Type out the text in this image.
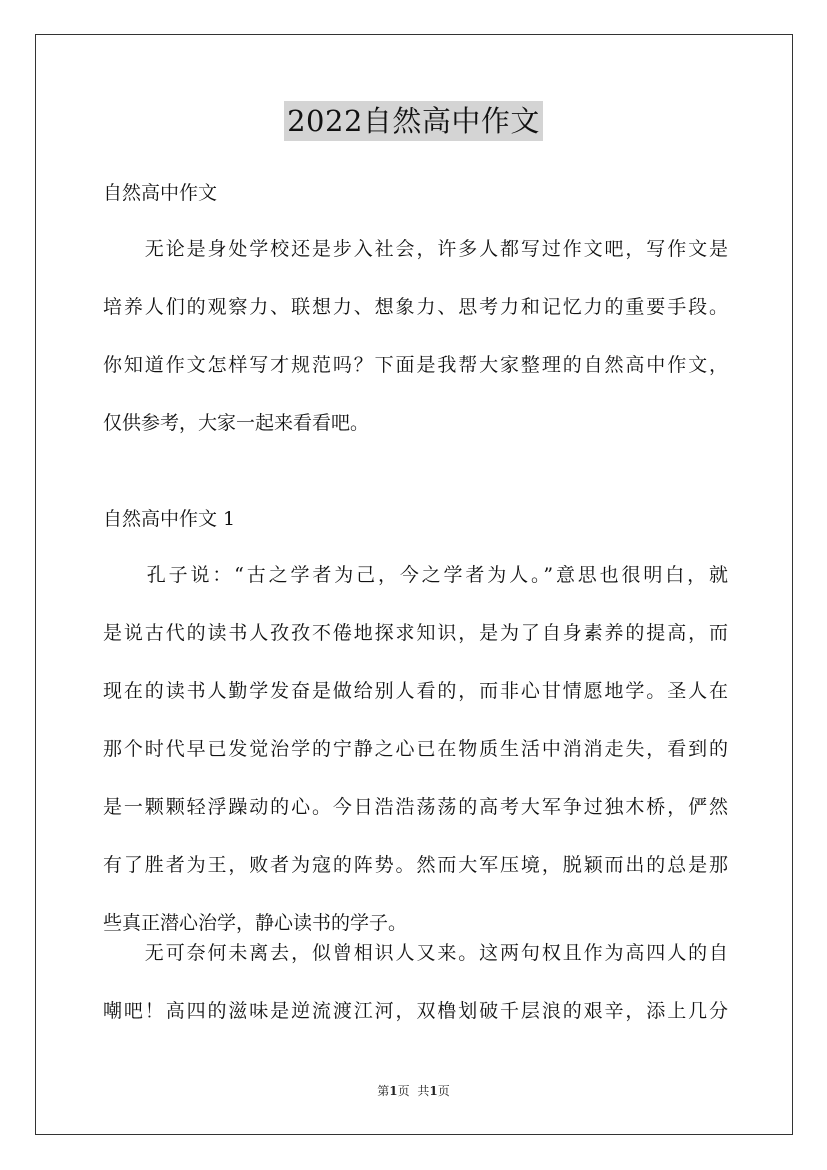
2022自然高中作文
自然高中作文
　　无论是身处学校还是步入社会，许多人都写过作文吧，写作文是
培养人们的观察力、联想力、想象力、思考力和记忆力的重要手段。
你知道作文怎样写才规范吗？下面是我帮大家整理的自然高中作文，
仅供参考，大家一起来看看吧。
自然高中作文 1
　　孔子说：“古之学者为己，今之学者为人。”意思也很明白，就
是说古代的读书人孜孜不倦地探求知识，是为了自身素养的提高，而
现在的读书人勤学发奋是做给别人看的，而非心甘情愿地学。圣人在
那个时代早已发觉治学的宁静之心已在物质生活中消消走失，看到的
是一颗颗轻浮躁动的心。今日浩浩荡荡的高考大军争过独木桥，俨然
有了胜者为王，败者为寇的阵势。然而大军压境，脱颖而出的总是那
些真正潜心治学，静心读书的学子。
　　无可奈何未离去，似曾相识人又来。这两句权且作为高四人的自
嘲吧！高四的滋味是逆流渡江河，双橹划破千层浪的艰辛，添上几分
第1页 共1页
